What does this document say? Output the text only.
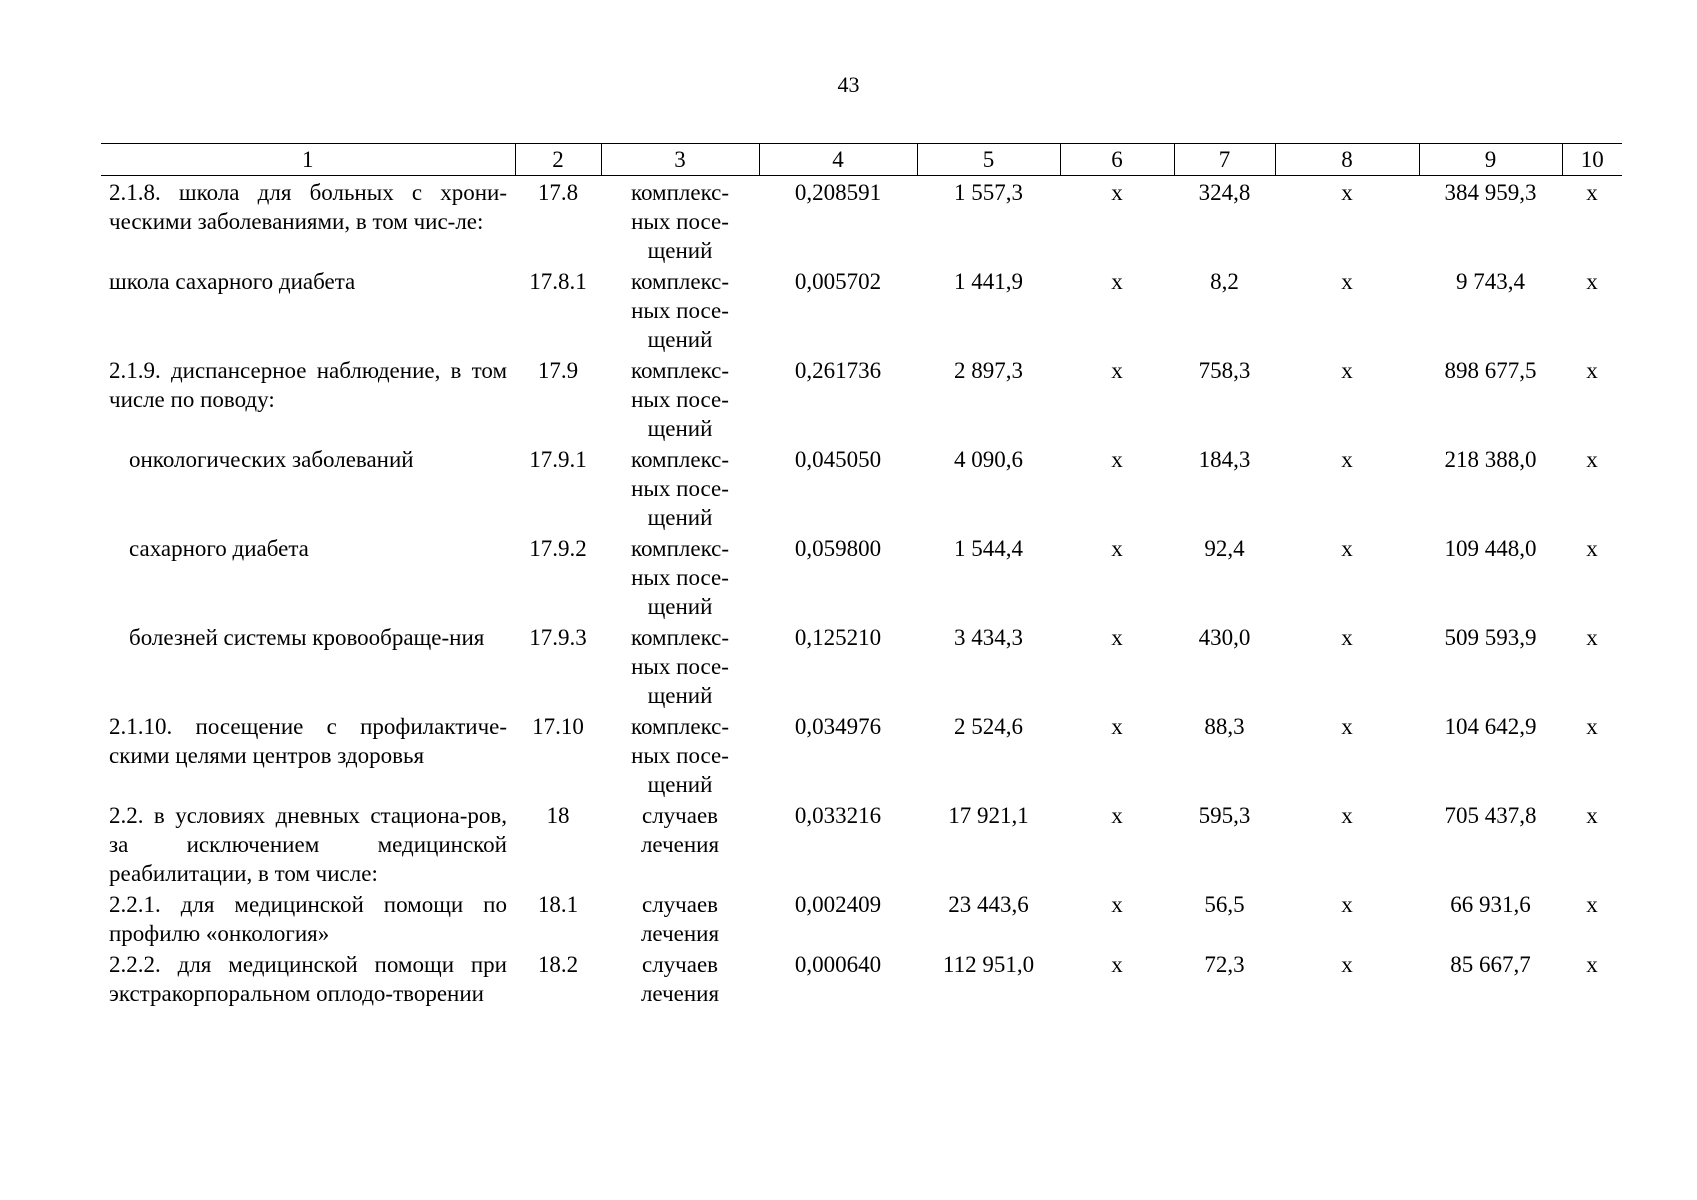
43
1	2	3	4	5	6	7	8	9	10
2.1.8. школа для больных с хрони-ческими заболеваниями, в том чис-ле:	17.8	комплекс-
ных посе-
щений	0,208591	1 557,3	х	324,8	х	384 959,3	х
школа сахарного диабета	17.8.1	комплекс-
ных посе-
щений	0,005702	1 441,9	х	8,2	х	9 743,4	х
2.1.9. диспансерное наблюдение, в том числе по поводу:	17.9	комплекс-
ных посе-
щений	0,261736	2 897,3	х	758,3	х	898 677,5	х
онкологических заболеваний	17.9.1	комплекс-
ных посе-
щений	0,045050	4 090,6	х	184,3	х	218 388,0	х
сахарного диабета	17.9.2	комплекс-
ных посе-
щений	0,059800	1 544,4	х	92,4	х	109 448,0	х
болезней системы кровообраще-ния	17.9.3	комплекс-
ных посе-
щений	0,125210	3 434,3	х	430,0	х	509 593,9	х
2.1.10. посещение с профилактиче-скими целями центров здоровья	17.10	комплекс-
ных посе-
щений	0,034976	2 524,6	х	88,3	х	104 642,9	х
2.2. в условиях дневных стациона-ров, за исключением медицинской реабилитации, в том числе:	18	случаев
лечения	0,033216	17 921,1	х	595,3	х	705 437,8	х
2.2.1. для медицинской помощи по профилю «онкология»	18.1	случаев
лечения	0,002409	23 443,6	х	56,5	х	66 931,6	х
2.2.2. для медицинской помощи при экстракорпоральном оплодо-творении	18.2	случаев
лечения	0,000640	112 951,0	х	72,3	х	85 667,7	х
